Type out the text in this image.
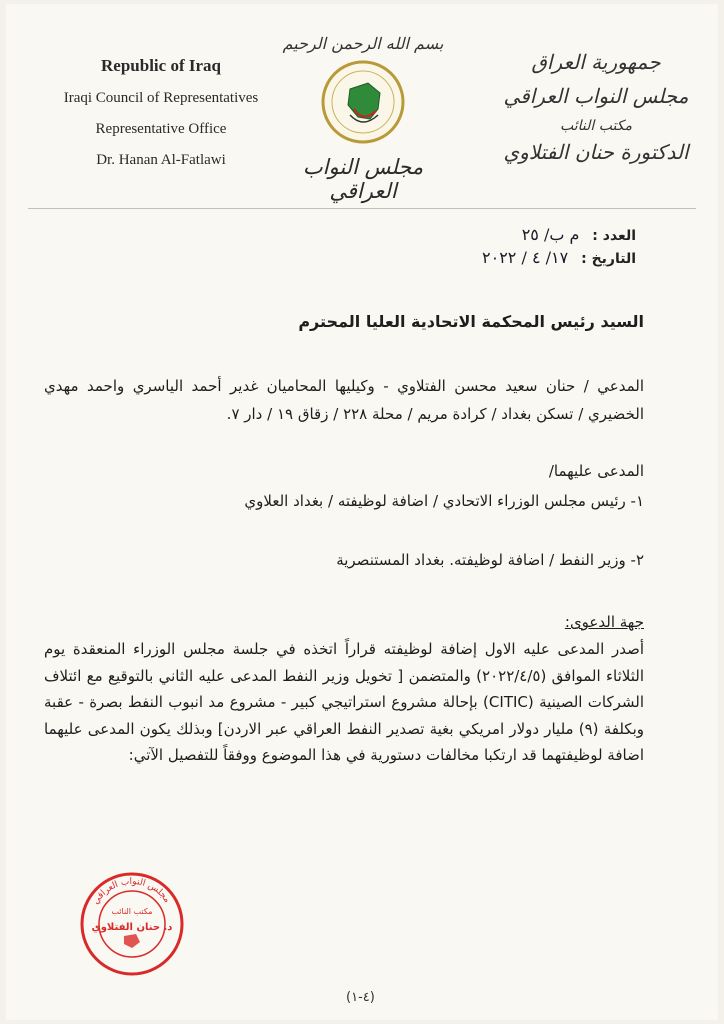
Republic of Iraq
Iraqi Council of Representatives
Representative Office
Dr. Hanan Al-Fatlawi
بسم الله الرحمن الرحيم
مجلس النواب العراقي
جمهورية العراق
مجلس النواب العراقي
مكتب النائب
الدكتورة حنان الفتلاوي
العدد : م ب/ ٢٥
التاريخ : ١٧/ ٤ / ٢٠٢٢
السيد رئيس المحكمة الاتحادية العليا المحترم
المدعي / حنان سعيد محسن الفتلاوي - وكيليها المحاميان غدير أحمد الياسري واحمد مهدي الخضيري / تسكن بغداد / كرادة مريم / محلة ٢٢٨ / زقاق ١٩ / دار ٧.
المدعى عليهما/
١- رئيس مجلس الوزراء الاتحادي / اضافة لوظيفته / بغداد العلاوي
٢- وزير النفط / اضافة لوظيفته. بغداد المستنصرية
جهة الدعوى:
أصدر المدعى عليه الاول إضافة لوظيفته قراراً اتخذه في جلسة مجلس الوزراء المنعقدة يوم الثلاثاء الموافق (٢٠٢٢/٤/٥) والمتضمن [ تخويل وزير النفط المدعى عليه الثاني بالتوقيع مع ائتلاف الشركات الصينية (CITIC) بإحالة مشروع استراتيجي كبير - مشروع مد انبوب النفط بصرة - عقبة وبكلفة (٩) مليار دولار امريكي بغية تصدير النفط العراقي عبر الاردن] وبذلك يكون المدعى عليهما اضافة لوظيفتهما قد ارتكبا مخالفات دستورية في هذا الموضوع ووفقاً للتفصيل الآتي:
مجلس النواب العراقي
مكتب النائب
د. حنان الفتلاوي
(٤-١)
